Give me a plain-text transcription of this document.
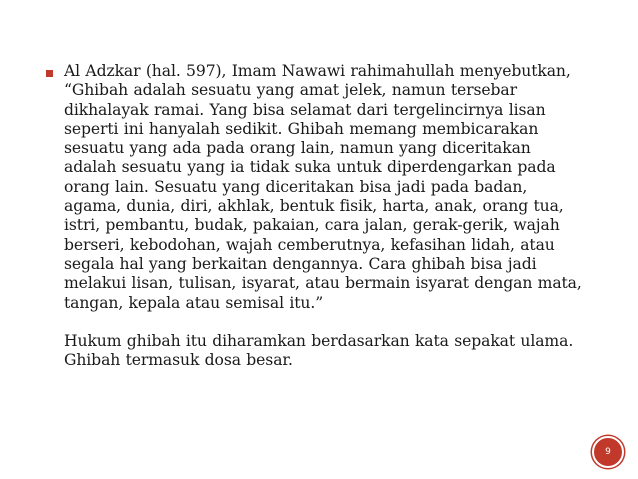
Al Adzkar (hal. 597), Imam Nawawi rahimahullah menyebutkan, “Ghibah adalah sesuatu yang amat jelek, namun tersebar dikhalayak ramai. Yang bisa selamat dari tergelincirnya lisan seperti ini hanyalah sedikit. Ghibah memang membicarakan sesuatu yang ada pada orang lain, namun yang diceritakan adalah sesuatu yang ia tidak suka untuk diperdengarkan pada orang lain. Sesuatu yang diceritakan bisa jadi pada badan, agama, dunia, diri, akhlak, bentuk fisik, harta, anak, orang tua, istri, pembantu, budak, pakaian, cara jalan, gerak-gerik, wajah berseri, kebodohan, wajah cemberutnya, kefasihan lidah, atau segala hal yang berkaitan dengannya. Cara ghibah bisa jadi melakui lisan, tulisan, isyarat, atau bermain isyarat dengan mata, tangan, kepala atau semisal itu.”

Hukum ghibah itu diharamkan berdasarkan kata sepakat ulama. Ghibah termasuk dosa besar.

9
